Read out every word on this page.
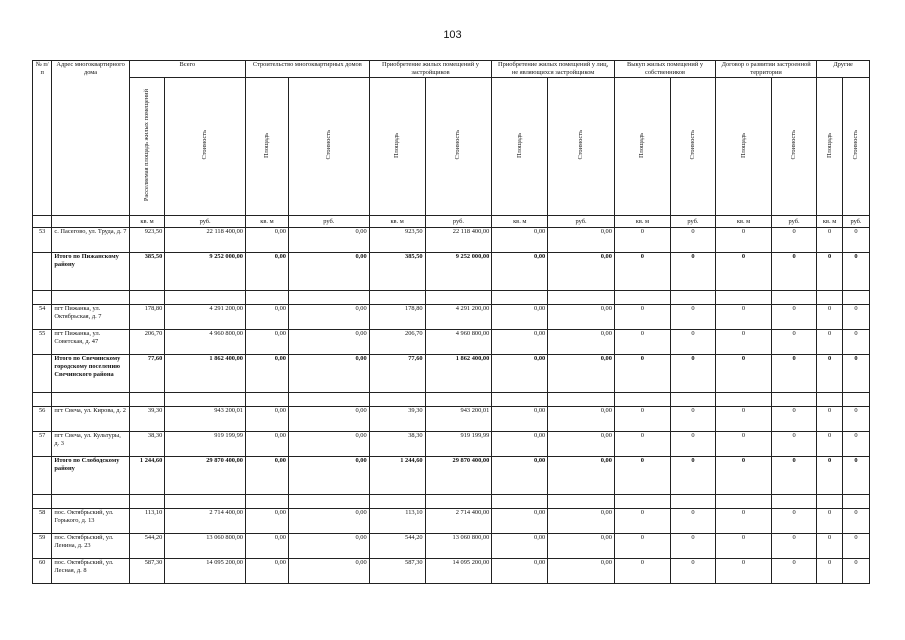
103
№ п/п	Адрес многоквартирного дома	Всего		Строительство многоквартирных домов		Приобретение жилых помещений у застройщиков		Приобретение жилых помещений у лиц, не являющихся застройщиком		Выкуп жилых помещений у собственников		Договор о развитии застроенной территории		Другие	
		Расселяемая площадь жилых помещений	Стоимость	Площадь	Стоимость	Площадь	Стоимость	Площадь	Стоимость	Площадь	Стоимость	Площадь	Стоимость	Площадь	Стоимость
		кв. м	руб.	кв. м	руб.	кв. м	руб.	кв. м	руб.	кв. м	руб.	кв. м	руб.	кв. м	руб.
53	с. Пасегово, ул. Труда, д. 7	923,50	22 118 400,00	0,00	0,00	923,50	22 118 400,00	0,00	0,00	0	0	0	0	0	0
	Итого по Пижанскому району	385,50	9 252 000,00	0,00	0,00	385,50	9 252 000,00	0,00	0,00	0	0	0	0	0	0

54	пгт Пижанка, ул. Октябрьская, д. 7	178,80	4 291 200,00	0,00	0,00	178,80	4 291 200,00	0,00	0,00	0	0	0	0	0	0
55	пгт Пижанка, ул. Советская, д. 47	206,70	4 960 800,00	0,00	0,00	206,70	4 960 800,00	0,00	0,00	0	0	0	0	0	0
	Итого по Свечинскому городскому поселению Свечинского района	77,60	1 862 400,00	0,00	0,00	77,60	1 862 400,00	0,00	0,00	0	0	0	0	0	0

56	пгт Свеча, ул. Кирова, д. 2	39,30	943 200,01	0,00	0,00	39,30	943 200,01	0,00	0,00	0	0	0	0	0	0
57	пгт Свеча, ул. Культуры, д. 3	38,30	919 199,99	0,00	0,00	38,30	919 199,99	0,00	0,00	0	0	0	0	0	0
	Итого по Слободскому району	1 244,60	29 870 400,00	0,00	0,00	1 244,60	29 870 400,00	0,00	0,00	0	0	0	0	0	0

58	пос. Октябрьский, ул. Горького, д. 13	113,10	2 714 400,00	0,00	0,00	113,10	2 714 400,00	0,00	0,00	0	0	0	0	0	0
59	пос. Октябрьский, ул. Ленина, д. 23	544,20	13 060 800,00	0,00	0,00	544,20	13 060 800,00	0,00	0,00	0	0	0	0	0	0
60	пос. Октябрьский, ул. Лесная, д. 8	587,30	14 095 200,00	0,00	0,00	587,30	14 095 200,00	0,00	0,00	0	0	0	0	0	0
